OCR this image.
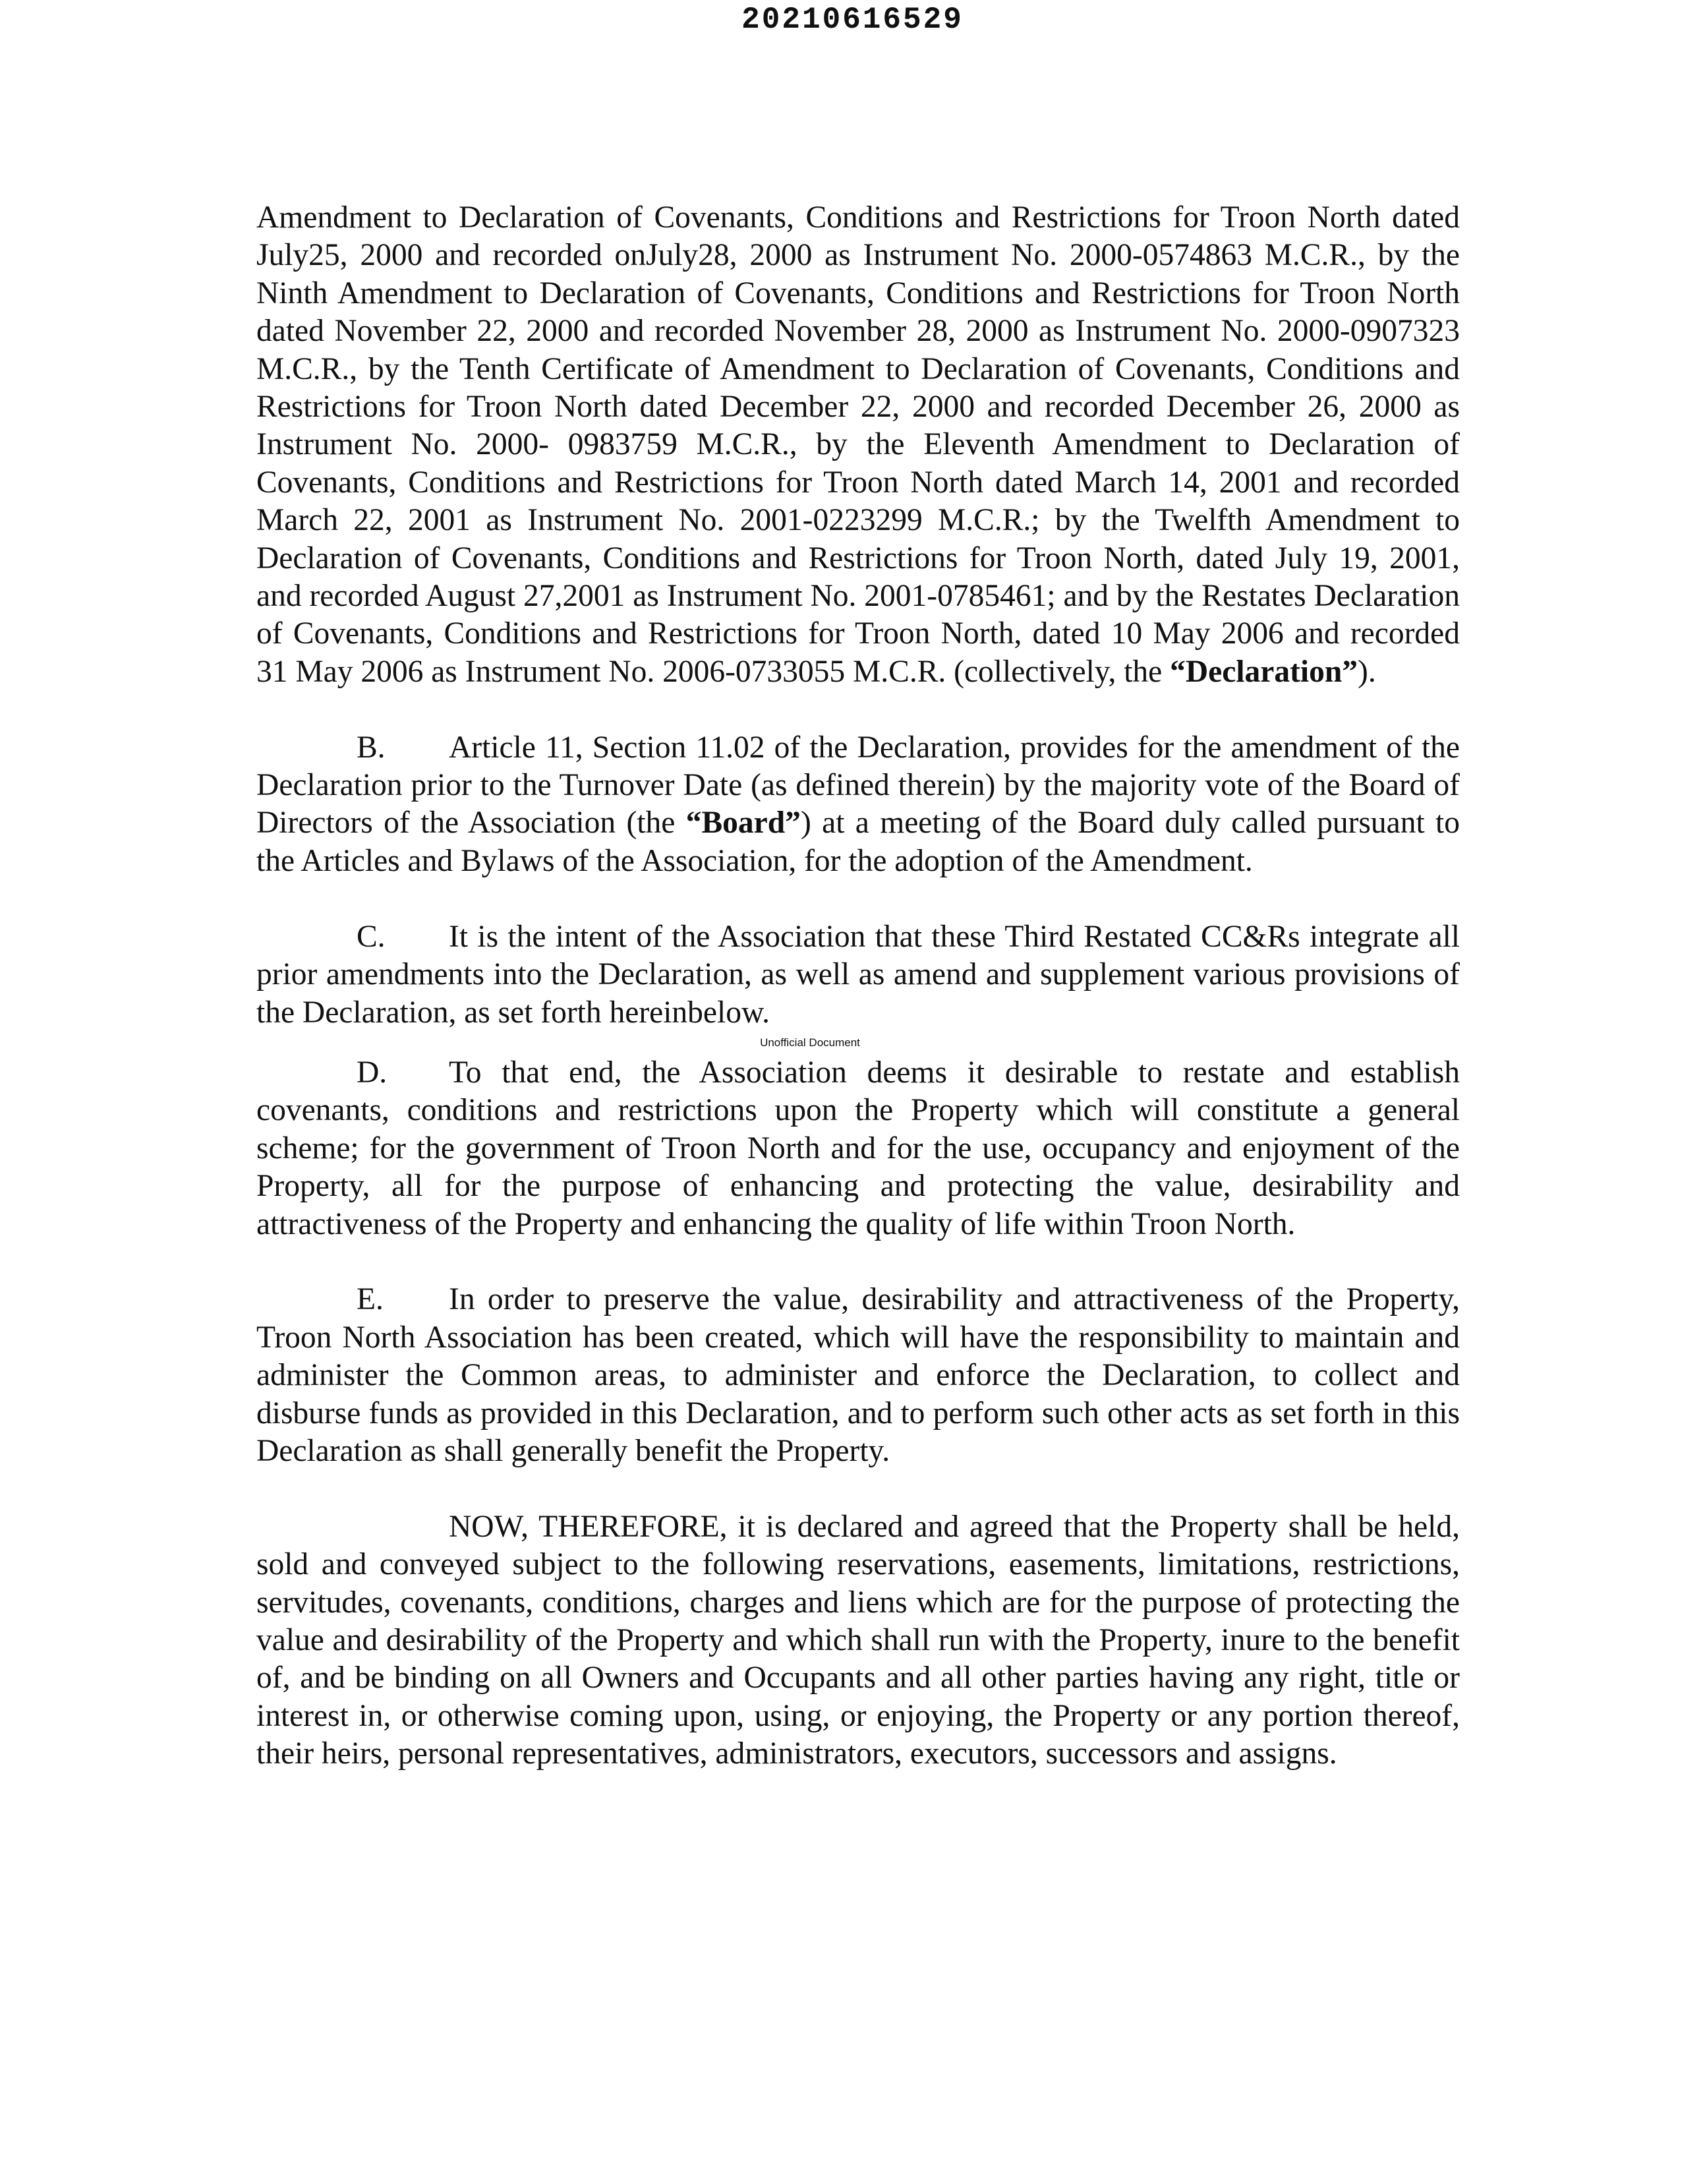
20210616529

Amendment to Declaration of Covenants, Conditions and Restrictions for Troon North dated July25, 2000 and recorded onJuly28, 2000 as Instrument No. 2000-0574863 M.C.R., by the Ninth Amendment to Declaration of Covenants, Conditions and Restrictions for Troon North dated November 22, 2000 and recorded November 28, 2000 as Instrument No. 2000-0907323 M.C.R., by the Tenth Certificate of Amendment to Declaration of Covenants, Conditions and Restrictions for Troon North dated December 22, 2000 and recorded December 26, 2000 as Instrument No. 2000- 0983759 M.C.R., by the Eleventh Amendment to Declaration of Covenants, Conditions and Restrictions for Troon North dated March 14, 2001 and recorded March 22, 2001 as Instrument No. 2001-0223299 M.C.R.; by the Twelfth Amendment to Declaration of Covenants, Conditions and Restrictions for Troon North, dated July 19, 2001, and recorded August 27,2001 as Instrument No. 2001-0785461; and by the Restates Declaration of Covenants, Conditions and Restrictions for Troon North, dated 10 May 2006 and recorded 31 May 2006 as Instrument No. 2006-0733055 M.C.R. (collectively, the “Declaration”).

B. Article 11, Section 11.02 of the Declaration, provides for the amendment of the Declaration prior to the Turnover Date (as defined therein) by the majority vote of the Board of Directors of the Association (the “Board”) at a meeting of the Board duly called pursuant to the Articles and Bylaws of the Association, for the adoption of the Amendment.

C. It is the intent of the Association that these Third Restated CC&Rs integrate all prior amendments into the Declaration, as well as amend and supplement various provisions of the Declaration, as set forth hereinbelow.

Unofficial Document

D. To that end, the Association deems it desirable to restate and establish covenants, conditions and restrictions upon the Property which will constitute a general scheme; for the government of Troon North and for the use, occupancy and enjoyment of the Property, all for the purpose of enhancing and protecting the value, desirability and attractiveness of the Property and enhancing the quality of life within Troon North.

E. In order to preserve the value, desirability and attractiveness of the Property, Troon North Association has been created, which will have the responsibility to maintain and administer the Common areas, to administer and enforce the Declaration, to collect and disburse funds as provided in this Declaration, and to perform such other acts as set forth in this Declaration as shall generally benefit the Property.

NOW, THEREFORE, it is declared and agreed that the Property shall be held, sold and conveyed subject to the following reservations, easements, limitations, restrictions, servitudes, covenants, conditions, charges and liens which are for the purpose of protecting the value and desirability of the Property and which shall run with the Property, inure to the benefit of, and be binding on all Owners and Occupants and all other parties having any right, title or interest in, or otherwise coming upon, using, or enjoying, the Property or any portion thereof, their heirs, personal representatives, administrators, executors, successors and assigns.
